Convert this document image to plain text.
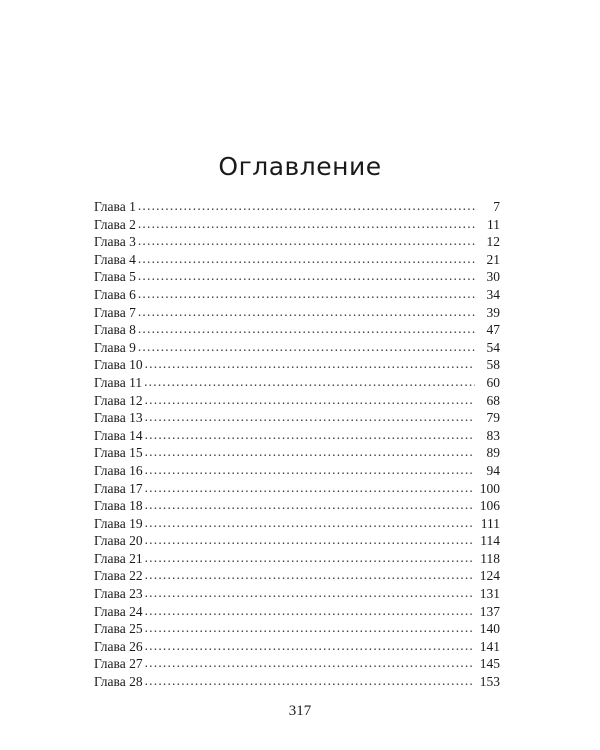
Оглавление
Глава 1 .....	7
Глава 2 .....	11
Глава 3 .....	12
Глава 4 .....	21
Глава 5 .....	30
Глава 6 .....	34
Глава 7 .....	39
Глава 8 .....	47
Глава 9 .....	54
Глава 10 .....	58
Глава 11 .....	60
Глава 12 .....	68
Глава 13 .....	79
Глава 14 .....	83
Глава 15 .....	89
Глава 16 .....	94
Глава 17 .....	100
Глава 18 .....	106
Глава 19 .....	111
Глава 20 .....	114
Глава 21 .....	118
Глава 22 .....	124
Глава 23 .....	131
Глава 24 .....	137
Глава 25 .....	140
Глава 26 .....	141
Глава 27 .....	145
Глава 28 .....	153
317
